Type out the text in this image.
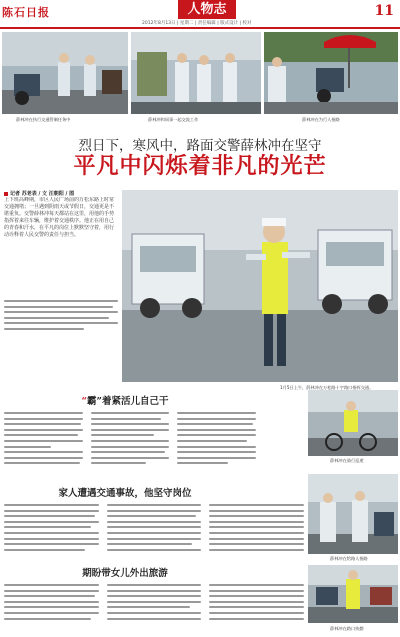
陈石日报	人物志
2012年8月13日 | 星期二 | 责任编辑 | 版式设计 | 校对
11
薛林冲在执行交通管制任务中	薛林冲和同事一起交流工作	薛林冲在为行人指路
烈日下，寒风中，路面交警薛林冲在坚守
平凡中闪烁着非凡的光芒
记者 苏老表 / 文 汪朝阳 / 图
上下班高峰期，市区人民广场前的万松东路上时常交通拥堵；一旦遇到阴雨天或节假日，交通更是不堪重负。交警薛林冲每天都站在这里，用他的手势指挥着来往车辆，维护着交通秩序。他正在用自己的青春和汗水，在平凡的岗位上默默坚守着，用行动诠释着人民交警的责任与担当。
1月5日上午，薛林冲在万松路十字路口指挥交通。
“霸”着紧活儿自己干
薛林冲在骑行巡逻
家人遭遇交通事故，他坚守岗位
薛林冲在给路人指路
期盼带女儿外出旅游
薛林冲在路口执勤
